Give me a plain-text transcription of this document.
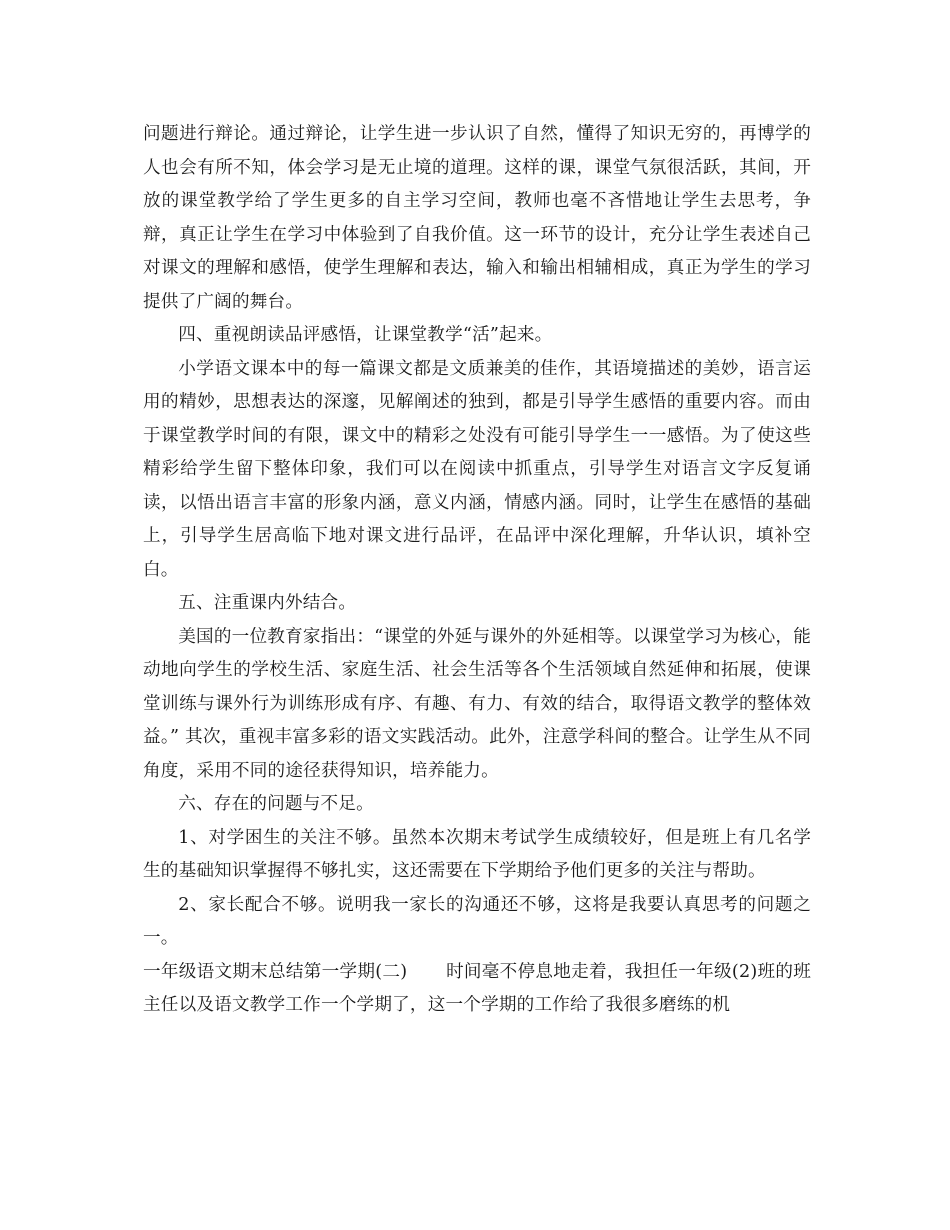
问题进行辩论。通过辩论，让学生进一步认识了自然，懂得了知识无穷的，再博学的人也会有所不知，体会学习是无止境的道理。这样的课，课堂气氛很活跃，其间，开放的课堂教学给了学生更多的自主学习空间，教师也毫不吝惜地让学生去思考，争辩，真正让学生在学习中体验到了自我价值。这一环节的设计，充分让学生表述自己对课文的理解和感悟，使学生理解和表达，输入和输出相辅相成，真正为学生的学习提供了广阔的舞台。

四、重视朗读品评感悟，让课堂教学“活”起来。

小学语文课本中的每一篇课文都是文质兼美的佳作，其语境描述的美妙，语言运用的精妙，思想表达的深邃，见解阐述的独到，都是引导学生感悟的重要内容。而由于课堂教学时间的有限，课文中的精彩之处没有可能引导学生一一感悟。为了使这些精彩给学生留下整体印象，我们可以在阅读中抓重点，引导学生对语言文字反复诵读，以悟出语言丰富的形象内涵，意义内涵，情感内涵。同时，让学生在感悟的基础上，引导学生居高临下地对课文进行品评，在品评中深化理解，升华认识，填补空白。

五、注重课内外结合。

美国的一位教育家指出：“课堂的外延与课外的外延相等。以课堂学习为核心，能动地向学生的学校生活、家庭生活、社会生活等各个生活领域自然延伸和拓展，使课堂训练与课外行为训练形成有序、有趣、有力、有效的结合，取得语文教学的整体效益。” 其次，重视丰富多彩的语文实践活动。此外，注意学科间的整合。让学生从不同角度，采用不同的途径获得知识，培养能力。

六、存在的问题与不足。

1、对学困生的关注不够。虽然本次期末考试学生成绩较好，但是班上有几名学生的基础知识掌握得不够扎实，这还需要在下学期给予他们更多的关注与帮助。

2、家长配合不够。说明我一家长的沟通还不够，这将是我要认真思考的问题之一。

一年级语文期末总结第一学期(二) 时间毫不停息地走着，我担任一年级(2)班的班主任以及语文教学工作一个学期了，这一个学期的工作给了我很多磨练的机
